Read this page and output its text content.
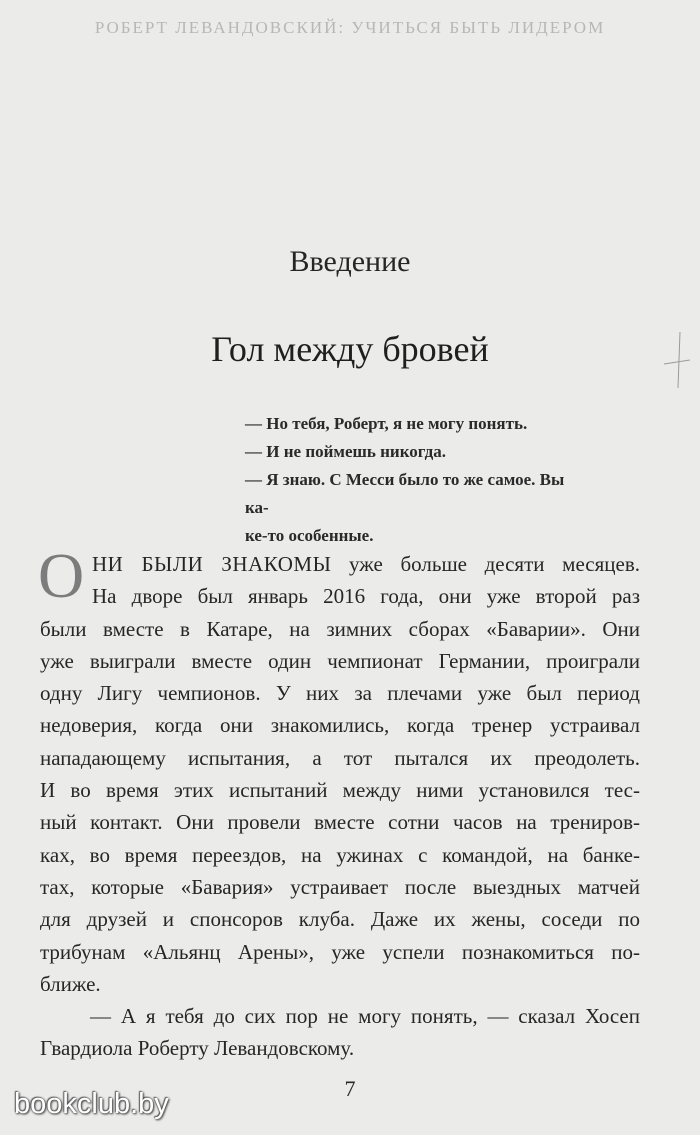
РОБЕРТ ЛЕВАНДОВСКИЙ: УЧИТЬСЯ БЫТЬ ЛИДЕРОМ

Введение
Гол между бровей
— Но тебя, Роберт, я не могу понять.
— И не поймешь никогда.
— Я знаю. С Месси было то же самое. Вы ка-
ке-то особенные.
О НИ БЫЛИ ЗНАКОМЫ уже больше десяти месяцев.
На дворе был январь 2016 года, они уже второй раз
были вместе в Катаре, на зимних сборах «Баварии». Они
уже выиграли вместе один чемпионат Германии, проиграли
одну Лигу чемпионов. У них за плечами уже был период
недоверия, когда они знакомились, когда тренер устраивал
нападающему испытания, а тот пытался их преодолеть.
И во время этих испытаний между ними установился тес-
ный контакт. Они провели вместе сотни часов на трениров-
ках, во время переездов, на ужинах с командой, на банке-
тах, которые «Бавария» устраивает после выездных матчей
для друзей и спонсоров клуба. Даже их жены, соседи по
трибунам «Альянц Арены», уже успели познакомиться по-
ближе.
— А я тебя до сих пор не могу понять, — сказал Хосеп
Гвардиола Роберту Левандовскому.
7
bookclub.by
